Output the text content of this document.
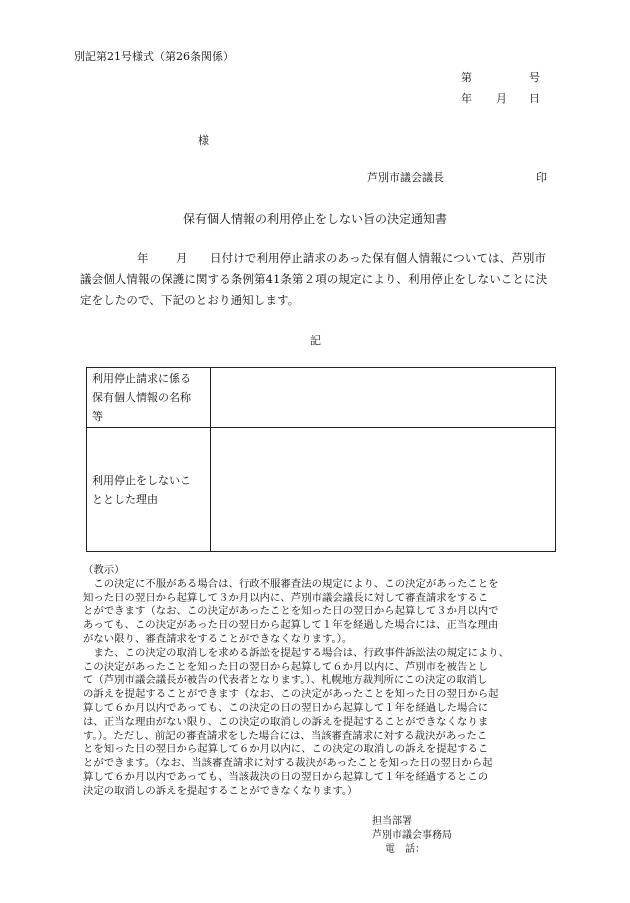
別記第21号様式（第26条関係）
第	号
年 月 日
様
芦別市議会議長	印
保有個人情報の利用停止をしない旨の決定通知書
年 月 日付けで利用停止請求のあった保有個人情報については、芦別市
議会個人情報の保護に関する条例第41条第２項の規定により、利用停止をしないことに決
定をしたので、下記のとおり通知します。
記
利用停止請求に係る
保有個人情報の名称
等	

利用停止をしないこ
ととした理由	

（教示）
　この決定に不服がある場合は、行政不服審査法の規定により、この決定があったことを
知った日の翌日から起算して３か月以内に、芦別市議会議長に対して審査請求をするこ
とができます（なお、この決定があったことを知った日の翌日から起算して３か月以内で
あっても、この決定があった日の翌日から起算して１年を経過した場合には、正当な理由
がない限り、審査請求をすることができなくなります。）。
　また、この決定の取消しを求める訴訟を提起する場合は、行政事件訴訟法の規定により、
この決定があったことを知った日の翌日から起算して６か月以内に、芦別市を被告とし
て（芦別市議会議長が被告の代表者となります。）、札幌地方裁判所にこの決定の取消し
の訴えを提起することができます（なお、この決定があったことを知った日の翌日から起
算して６か月以内であっても、この決定の日の翌日から起算して１年を経過した場合に
は、正当な理由がない限り、この決定の取消しの訴えを提起することができなくなりま
す。）。ただし、前記の審査請求をした場合には、当該審査請求に対する裁決があったこ
とを知った日の翌日から起算して６か月以内に、この決定の取消しの訴えを提起するこ
とができます。（なお、当該審査請求に対する裁決があったことを知った日の翌日から起
算して６か月以内であっても、当該裁決の日の翌日から起算して１年を経過するとこの
決定の取消しの訴えを提起することができなくなります。）
担当部署
芦別市議会事務局
電　話：
